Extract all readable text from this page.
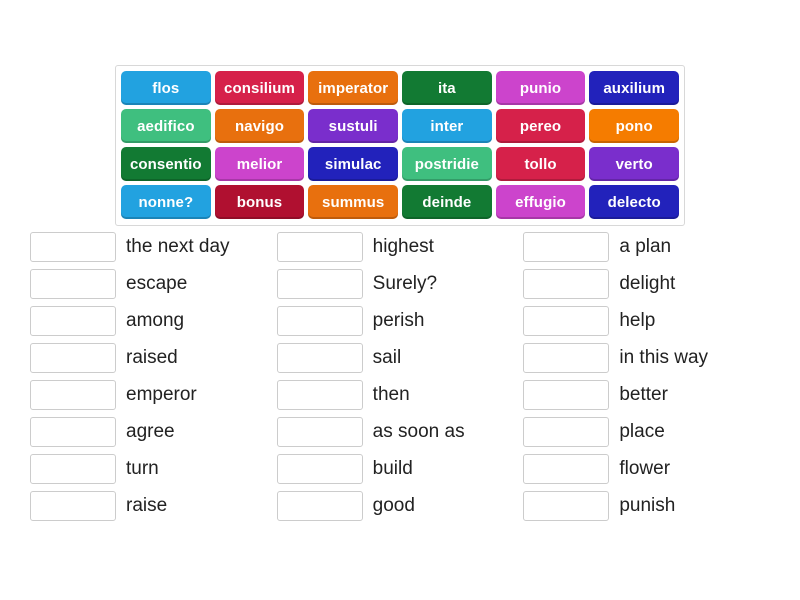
flos	consilium	imperator	ita	punio	auxilium
aedifico	navigo	sustuli	inter	pereo	pono
consentio	melior	simulac	postridie	tollo	verto
nonne?	bonus	summus	deinde	effugio	delecto
the next day
escape
among
raised
emperor
agree
turn
raise
highest
Surely?
perish
sail
then
as soon as
build
good
a plan
delight
help
in this way
better
place
flower
punish
